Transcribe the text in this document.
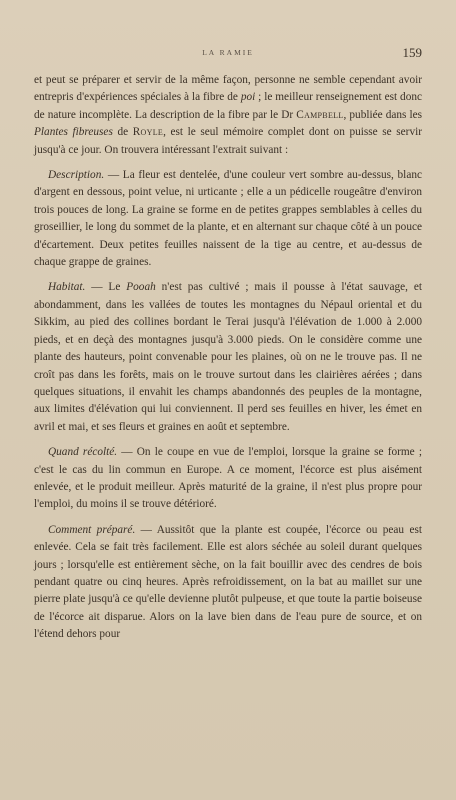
LA RAMIE	159

et peut se préparer et servir de la même façon, personne ne semble cependant avoir entrepris d'expériences spéciales à la fibre de poi ; le meilleur renseignement est donc de nature incomplète. La description de la fibre par le Dr Campbell, publiée dans les Plantes fibreuses de Royle, est le seul mémoire complet dont on puisse se servir jusqu'à ce jour. On trouvera intéressant l'extrait suivant :

Description. — La fleur est dentelée, d'une couleur vert sombre au-dessus, blanc d'argent en dessous, point velue, ni urticante ; elle a un pédicelle rougeâtre d'environ trois pouces de long. La graine se forme en de petites grappes semblables à celles du groseillier, le long du sommet de la plante, et en alternant sur chaque côté à un pouce d'écartement. Deux petites feuilles naissent de la tige au centre, et au-dessus de chaque grappe de graines.

Habitat. — Le Pooah n'est pas cultivé ; mais il pousse à l'état sauvage, et abondamment, dans les vallées de toutes les montagnes du Népaul oriental et du Sikkim, au pied des collines bordant le Terai jusqu'à l'élévation de 1.000 à 2.000 pieds, et en deçà des montagnes jusqu'à 3.000 pieds. On le considère comme une plante des hauteurs, point convenable pour les plaines, où on ne le trouve pas. Il ne croît pas dans les forêts, mais on le trouve surtout dans les clairières aérées ; dans quelques situations, il envahit les champs abandonnés des peuples de la montagne, aux limites d'élévation qui lui conviennent. Il perd ses feuilles en hiver, les émet en avril et mai, et ses fleurs et graines en août et septembre.

Quand récolté. — On le coupe en vue de l'emploi, lorsque la graine se forme ; c'est le cas du lin commun en Europe. A ce moment, l'écorce est plus aisément enlevée, et le produit meilleur. Après maturité de la graine, il n'est plus propre pour l'emploi, du moins il se trouve détérioré.

Comment préparé. — Aussitôt que la plante est coupée, l'écorce ou peau est enlevée. Cela se fait très facilement. Elle est alors séchée au soleil durant quelques jours ; lorsqu'elle est entièrement sèche, on la fait bouillir avec des cendres de bois pendant quatre ou cinq heures. Après refroidissement, on la bat au maillet sur une pierre plate jusqu'à ce qu'elle devienne plutôt pulpeuse, et que toute la partie boiseuse de l'écorce ait disparue. Alors on la lave bien dans de l'eau pure de source, et on l'étend dehors pour
